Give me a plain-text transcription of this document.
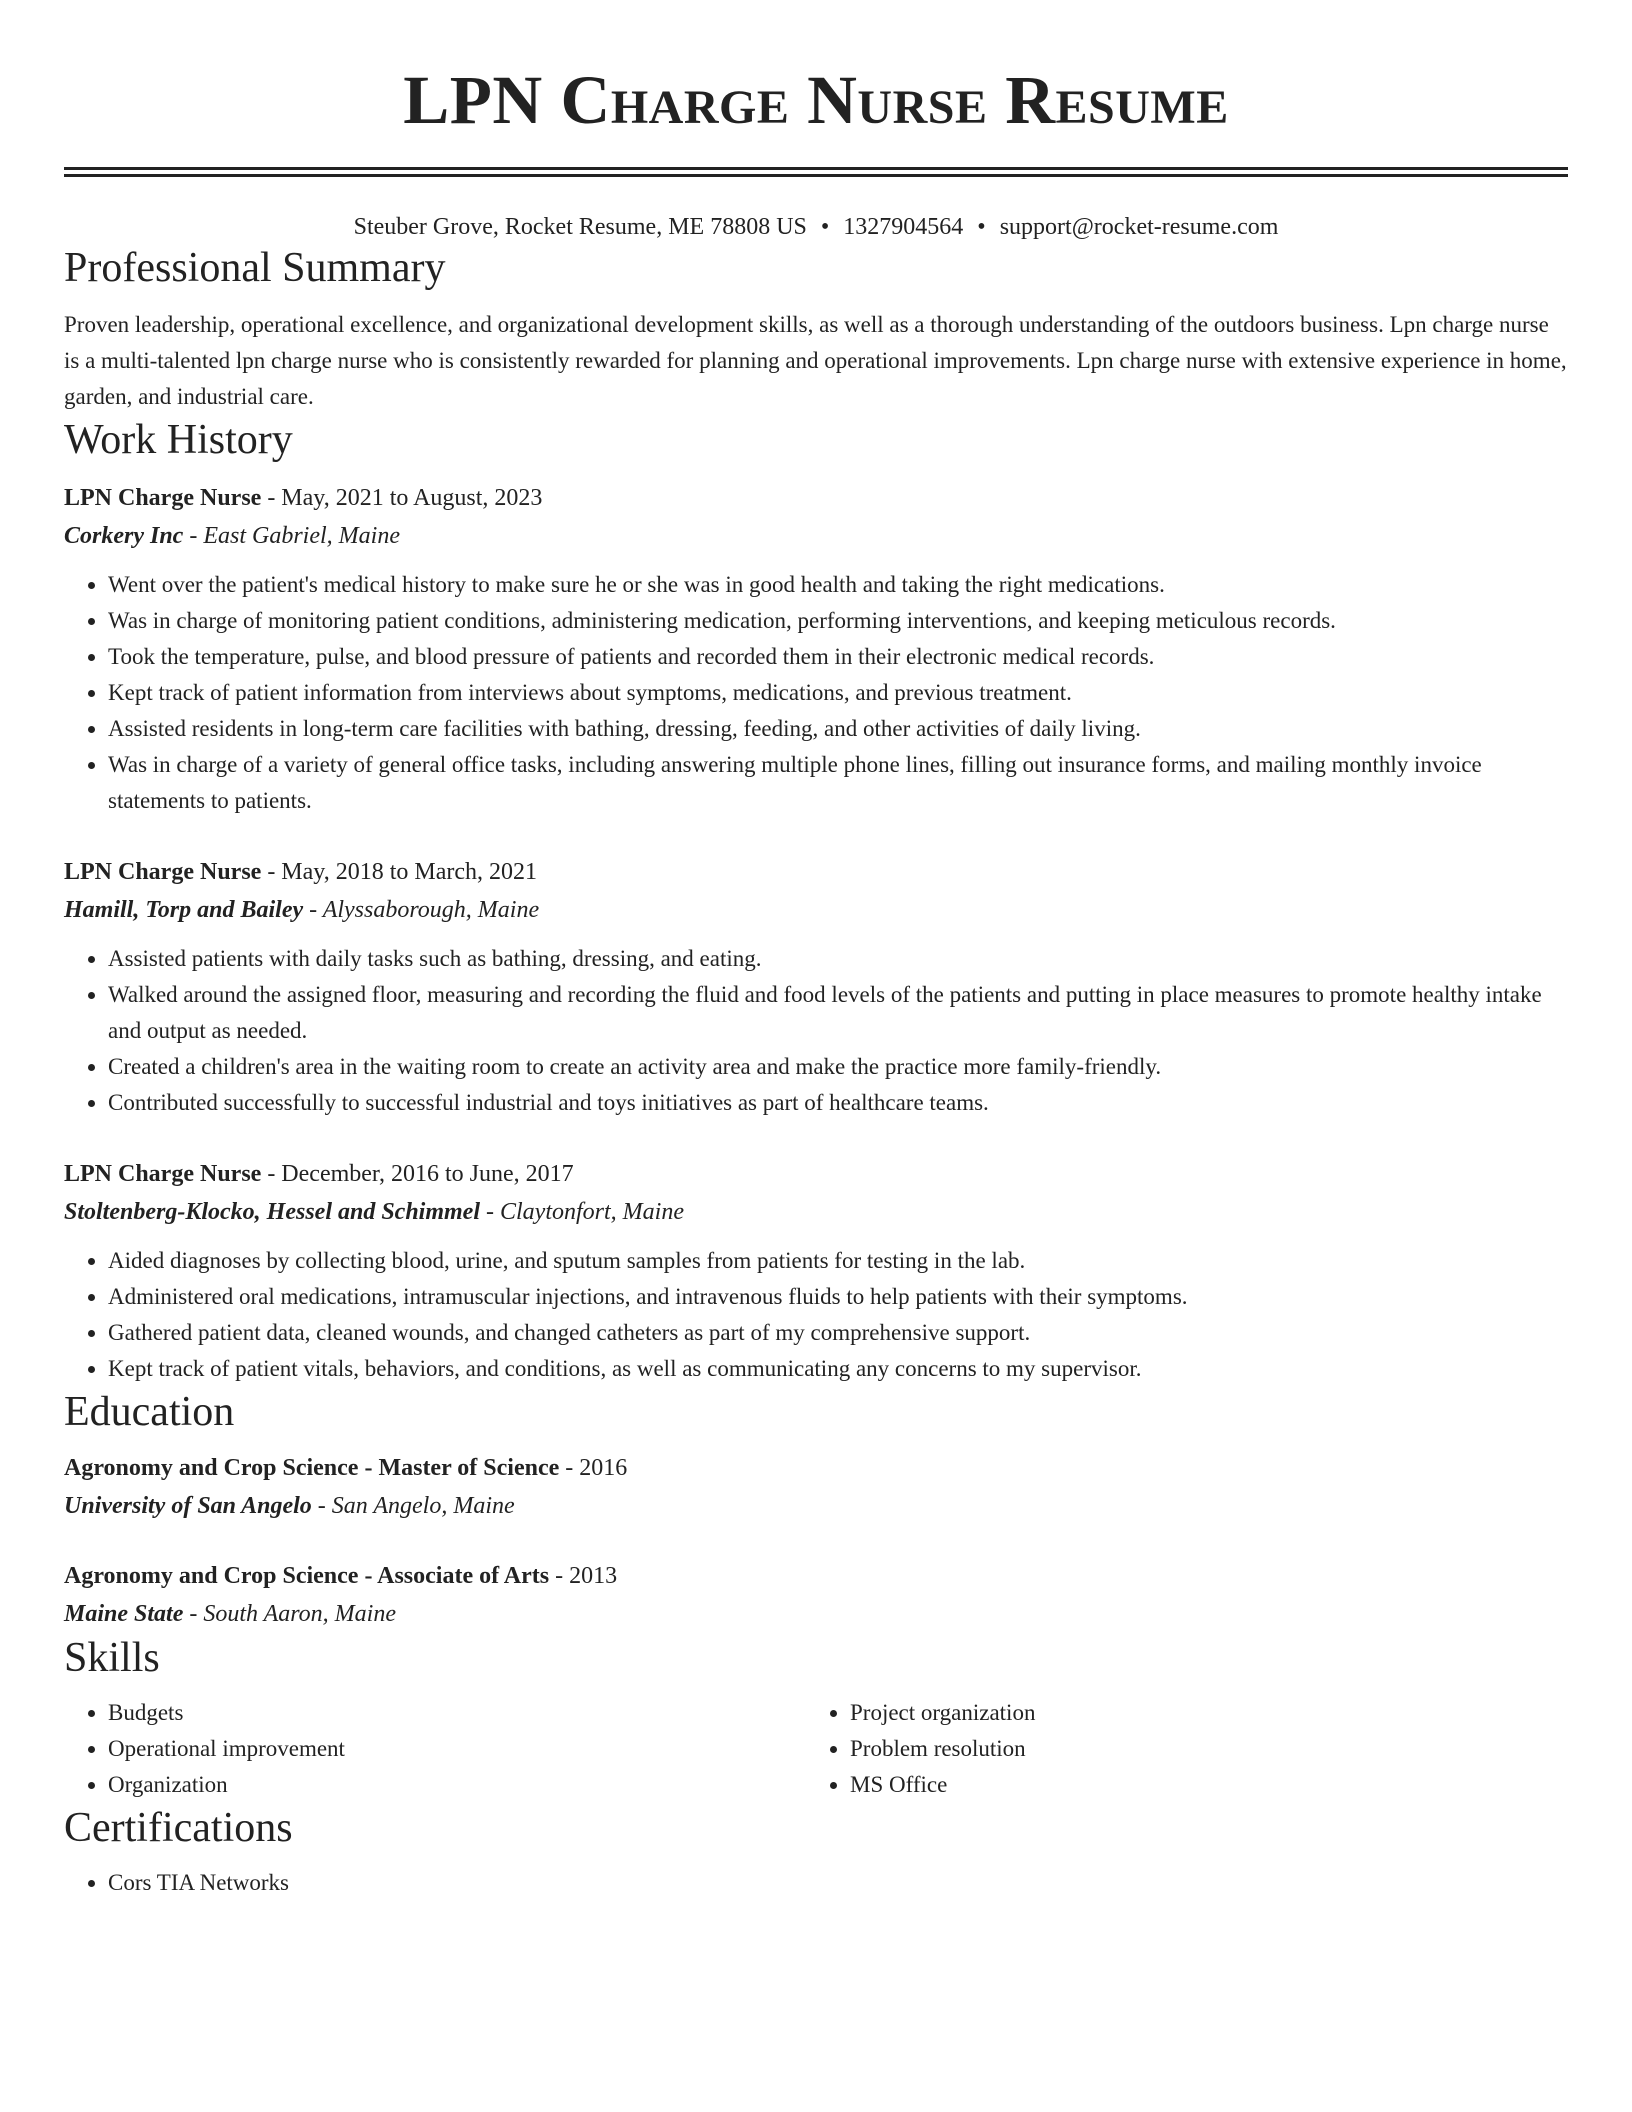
LPN Charge Nurse Resume
Steuber Grove, Rocket Resume, ME 78808 US • 1327904564 • support@rocket-resume.com
Professional Summary

Proven leadership, operational excellence, and organizational development skills, as well as a thorough understanding of the outdoors business. Lpn charge nurse is a multi-talented lpn charge nurse who is consistently rewarded for planning and operational improvements. Lpn charge nurse with extensive experience in home, garden, and industrial care.

Work History
LPN Charge Nurse - May, 2021 to August, 2023
Corkery Inc - East Gabriel, Maine
• Went over the patient's medical history to make sure he or she was in good health and taking the right medications.
• Was in charge of monitoring patient conditions, administering medication, performing interventions, and keeping meticulous records.
• Took the temperature, pulse, and blood pressure of patients and recorded them in their electronic medical records.
• Kept track of patient information from interviews about symptoms, medications, and previous treatment.
• Assisted residents in long-term care facilities with bathing, dressing, feeding, and other activities of daily living.
• Was in charge of a variety of general office tasks, including answering multiple phone lines, filling out insurance forms, and mailing monthly invoice statements to patients.
LPN Charge Nurse - May, 2018 to March, 2021
Hamill, Torp and Bailey - Alyssaborough, Maine
• Assisted patients with daily tasks such as bathing, dressing, and eating.
• Walked around the assigned floor, measuring and recording the fluid and food levels of the patients and putting in place measures to promote healthy intake and output as needed.
• Created a children's area in the waiting room to create an activity area and make the practice more family-friendly.
• Contributed successfully to successful industrial and toys initiatives as part of healthcare teams.
LPN Charge Nurse - December, 2016 to June, 2017
Stoltenberg-Klocko, Hessel and Schimmel - Claytonfort, Maine
• Aided diagnoses by collecting blood, urine, and sputum samples from patients for testing in the lab.
• Administered oral medications, intramuscular injections, and intravenous fluids to help patients with their symptoms.
• Gathered patient data, cleaned wounds, and changed catheters as part of my comprehensive support.
• Kept track of patient vitals, behaviors, and conditions, as well as communicating any concerns to my supervisor.
Education
Agronomy and Crop Science - Master of Science - 2016
University of San Angelo - San Angelo, Maine
Agronomy and Crop Science - Associate of Arts - 2013
Maine State - South Aaron, Maine
Skills
• Budgets
• Operational improvement
• Organization
• Project organization
• Problem resolution
• MS Office
Certifications
• Cors TIA Networks
